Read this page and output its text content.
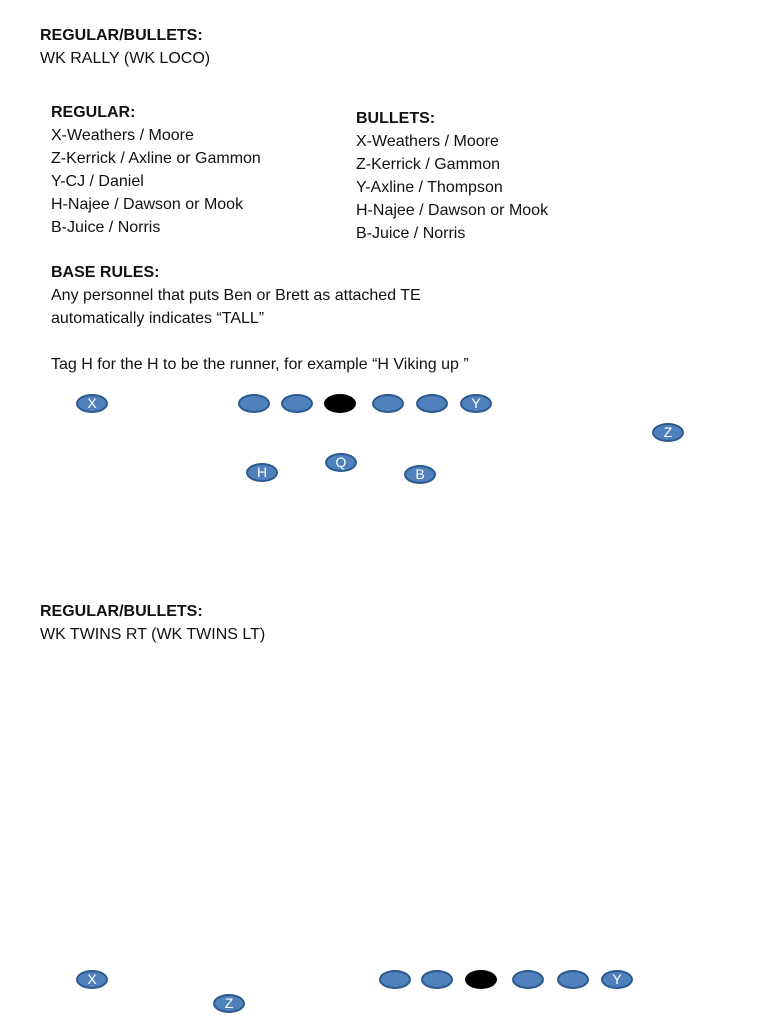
REGULAR/BULLETS:
WK RALLY (WK LOCO)
REGULAR:
X-Weathers / Moore
Z-Kerrick / Axline or Gammon
Y-CJ / Daniel
H-Najee / Dawson or Mook
B-Juice / Norris
BULLETS:
X-Weathers / Moore
Z-Kerrick / Gammon
Y-Axline / Thompson
H-Najee / Dawson or Mook
B-Juice / Norris
BASE RULES:
Any personnel that puts Ben or Brett as attached TE
automatically indicates “TALL”
Tag H for the H to be the runner, for example “H Viking up ”
X	Y
Z
Q
H	B
REGULAR/BULLETS:
WK TWINS RT (WK TWINS LT)
X
Z
Y
